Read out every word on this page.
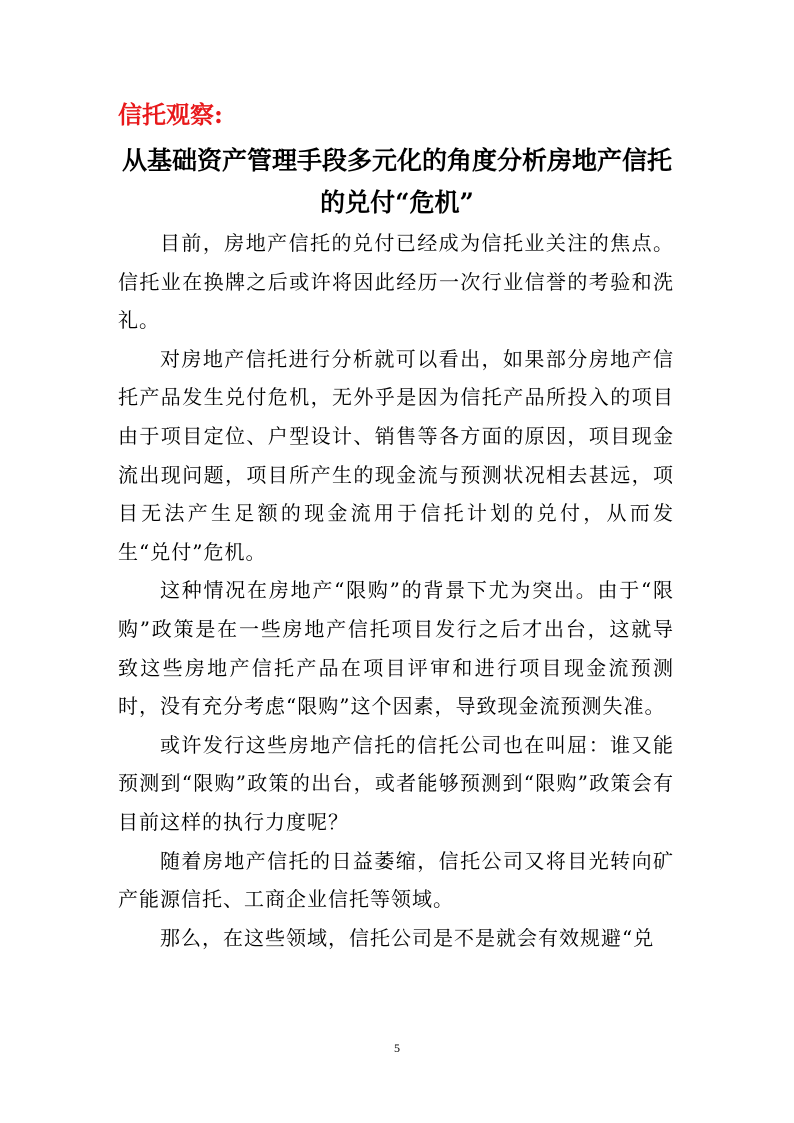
信托观察:
从基础资产管理手段多元化的角度分析房地产信托
的兑付“危机”

目前，房地产信托的兑付已经成为信托业关注的焦点。信托业在换牌之后或许将因此经历一次行业信誉的考验和洗礼。

对房地产信托进行分析就可以看出，如果部分房地产信托产品发生兑付危机，无外乎是因为信托产品所投入的项目由于项目定位、户型设计、销售等各方面的原因，项目现金流出现问题，项目所产生的现金流与预测状况相去甚远，项目无法产生足额的现金流用于信托计划的兑付，从而发生“兑付”危机。

这种情况在房地产“限购”的背景下尤为突出。由于“限购”政策是在一些房地产信托项目发行之后才出台，这就导致这些房地产信托产品在项目评审和进行项目现金流预测时，没有充分考虑“限购”这个因素，导致现金流预测失准。

或许发行这些房地产信托的信托公司也在叫屈：谁又能预测到“限购”政策的出台，或者能够预测到“限购”政策会有目前这样的执行力度呢？

随着房地产信托的日益萎缩，信托公司又将目光转向矿产能源信托、工商企业信托等领域。

那么，在这些领域，信托公司是不是就会有效规避“兑

5
